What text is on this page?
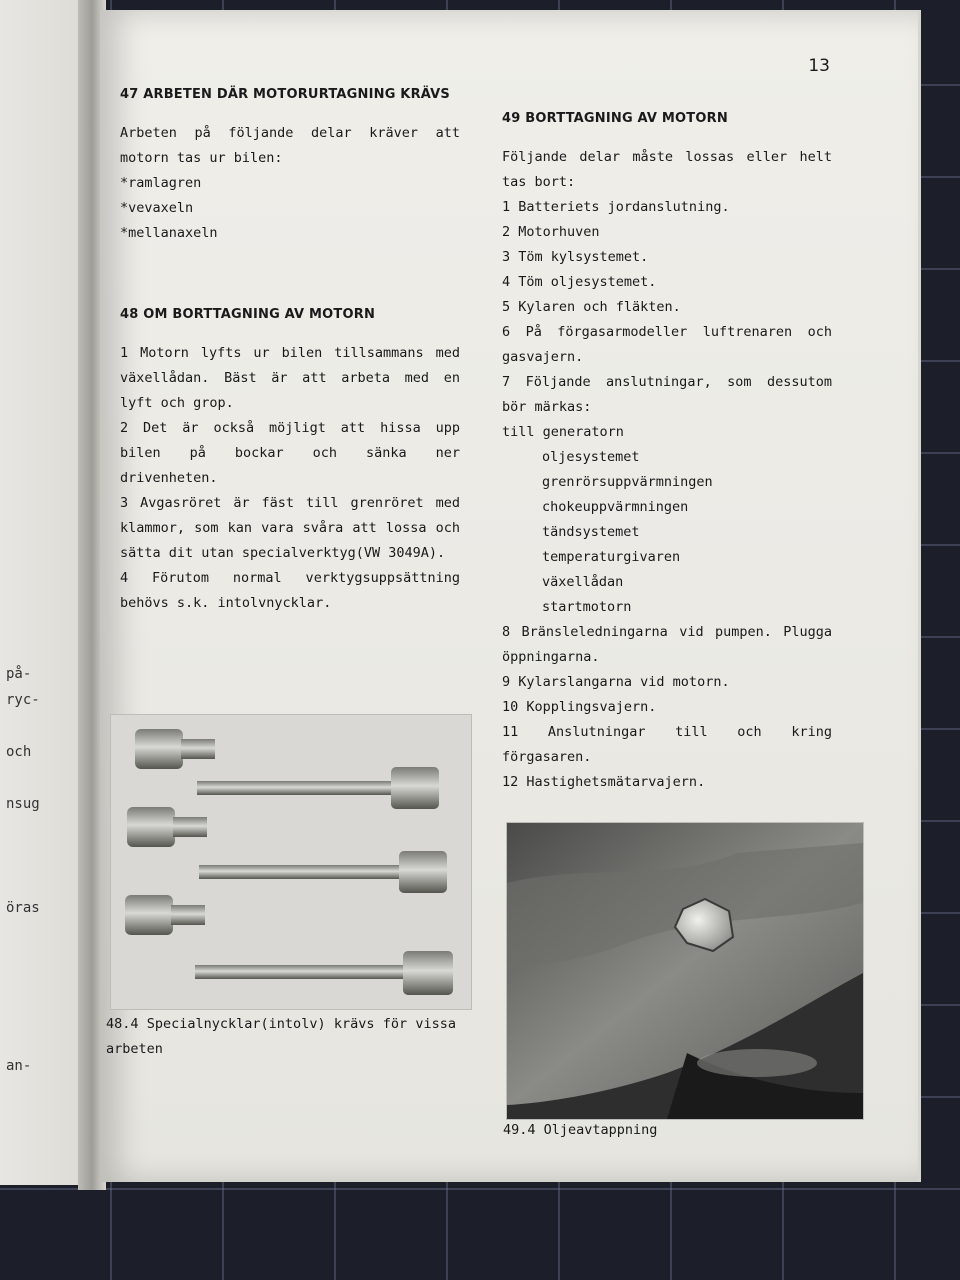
på-
ryc-
och
nsug
öras
an-
13
47 ARBETEN DÄR MOTORURTAGNING KRÄVS

Arbeten på följande delar kräver att motorn tas ur bilen:

*ramlagren

*vevaxeln

*mellanaxeln

48 OM BORTTAGNING AV MOTORN

1 Motorn lyfts ur bilen tillsammans med växellådan. Bäst är att arbeta med en lyft och grop.

2 Det är också möjligt att hissa upp bilen på bockar och sänka ner drivenheten.

3 Avgasröret är fäst till grenröret med klammor, som kan vara svåra att lossa och sätta dit utan specialverktyg(VW 3049A).

4 Förutom normal verktygsuppsättning behövs s.k. intolvnycklar.

48.4 Specialnycklar(intolv) krävs för vissa arbeten
49 BORTTAGNING AV MOTORN

Följande delar måste lossas eller helt tas bort:

1 Batteriets jordanslutning.

2 Motorhuven

3 Töm kylsystemet.

4 Töm oljesystemet.

5 Kylaren och fläkten.

6 På förgasarmodeller luftrenaren och gasvajern.

7 Följande anslutningar, som dessutom bör märkas:

till generatorn

oljesystemet

grenrörsuppvärmningen

chokeuppvärmningen

tändsystemet

temperaturgivaren

växellådan

startmotorn

8 Bränsleledningarna vid pumpen. Plugga öppningarna.

9 Kylarslangarna vid motorn.

10 Kopplingsvajern.

11 Anslutningar till och kring förgasaren.

12 Hastighetsmätarvajern.

49.4 Oljeavtappning
